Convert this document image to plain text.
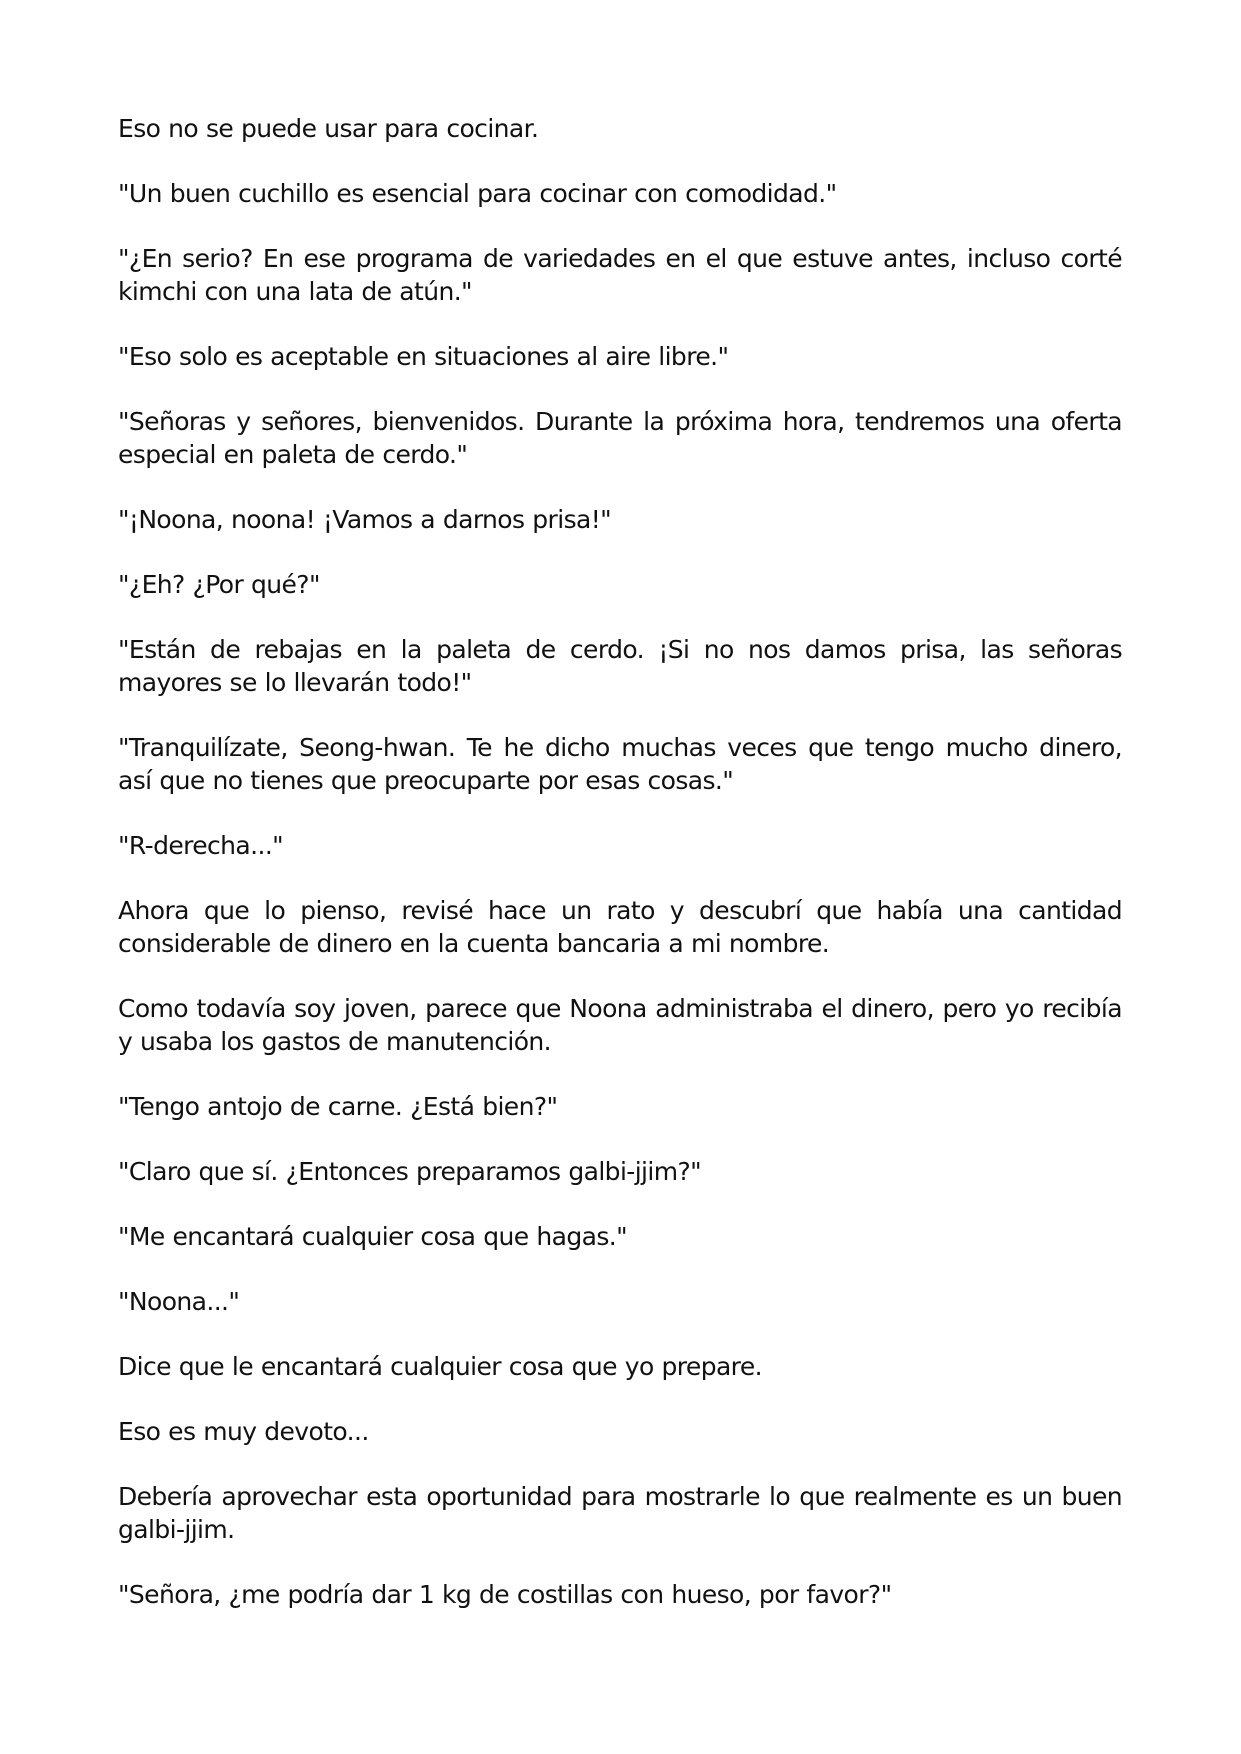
Eso no se puede usar para cocinar.

"Un buen cuchillo es esencial para cocinar con comodidad."

"¿En serio? En ese programa de variedades en el que estuve antes, incluso corté kimchi con una lata de atún."

"Eso solo es aceptable en situaciones al aire libre."

"Señoras y señores, bienvenidos. Durante la próxima hora, tendremos una oferta especial en paleta de cerdo."

"¡Noona, noona! ¡Vamos a darnos prisa!"

"¿Eh? ¿Por qué?"

"Están de rebajas en la paleta de cerdo. ¡Si no nos damos prisa, las señoras mayores se lo llevarán todo!"

"Tranquilízate, Seong-hwan. Te he dicho muchas veces que tengo mucho dinero, así que no tienes que preocuparte por esas cosas."

"R-derecha..."

Ahora que lo pienso, revisé hace un rato y descubrí que había una cantidad considerable de dinero en la cuenta bancaria a mi nombre.

Como todavía soy joven, parece que Noona administraba el dinero, pero yo recibía y usaba los gastos de manutención.

"Tengo antojo de carne. ¿Está bien?"

"Claro que sí. ¿Entonces preparamos galbi-jjim?"

"Me encantará cualquier cosa que hagas."

"Noona..."

Dice que le encantará cualquier cosa que yo prepare.

Eso es muy devoto...

Debería aprovechar esta oportunidad para mostrarle lo que realmente es un buen galbi-jjim.

"Señora, ¿me podría dar 1 kg de costillas con hueso, por favor?"
